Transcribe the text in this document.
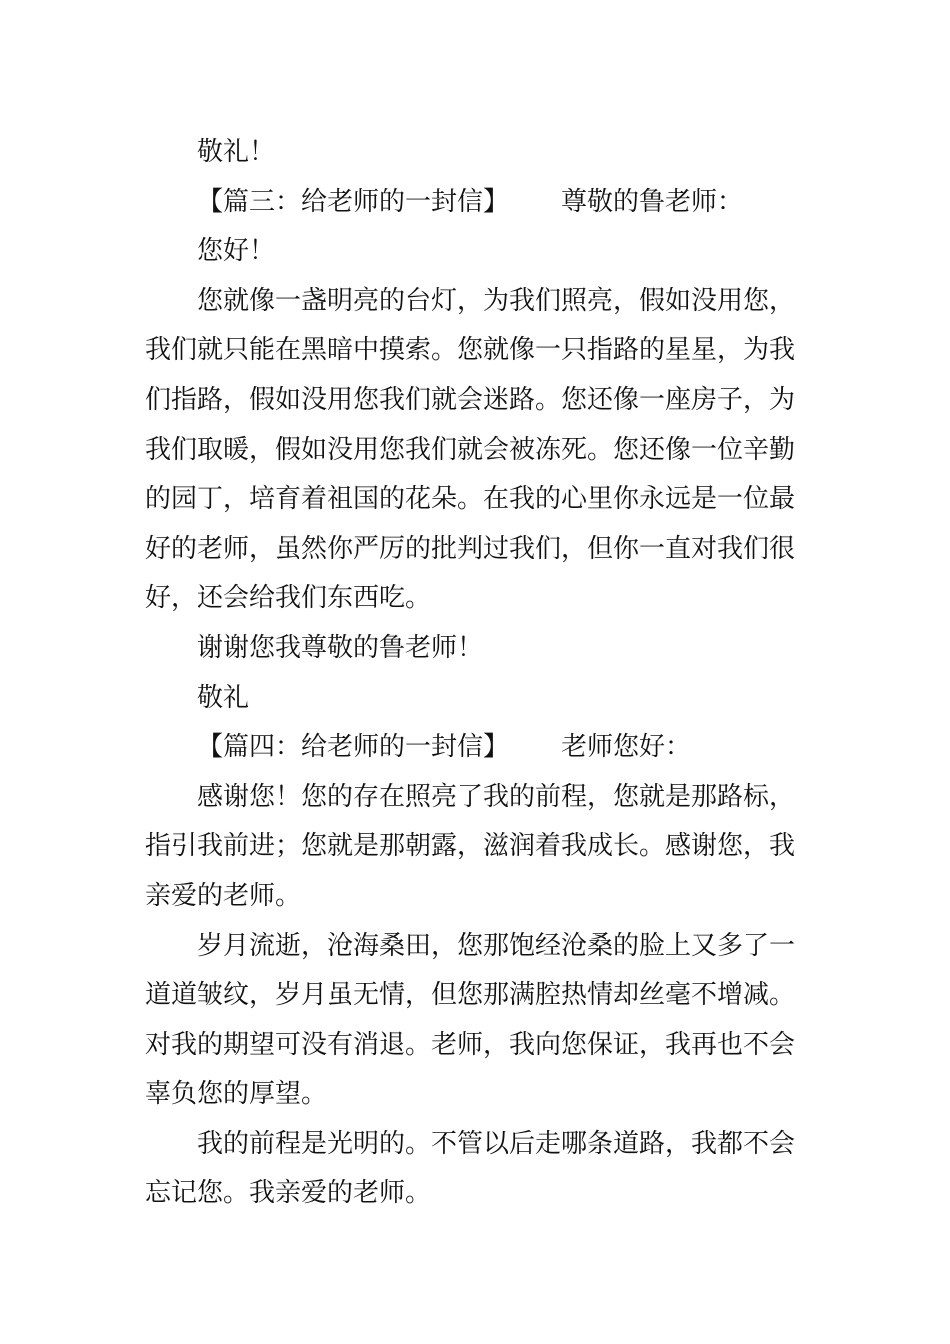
敬礼！
【篇三：给老师的一封信】 尊敬的鲁老师：
您好！
您就像一盏明亮的台灯，为我们照亮，假如没用您，
我们就只能在黑暗中摸索。您就像一只指路的星星，为我
们指路，假如没用您我们就会迷路。您还像一座房子，为
我们取暖，假如没用您我们就会被冻死。您还像一位辛勤
的园丁，培育着祖国的花朵。在我的心里你永远是一位最
好的老师，虽然你严厉的批判过我们，但你一直对我们很
好，还会给我们东西吃。
谢谢您我尊敬的鲁老师！
敬礼
【篇四：给老师的一封信】 老师您好：
感谢您！您的存在照亮了我的前程，您就是那路标，
指引我前进；您就是那朝露，滋润着我成长。感谢您，我
亲爱的老师。
岁月流逝，沧海桑田，您那饱经沧桑的脸上又多了一
道道皱纹，岁月虽无情，但您那满腔热情却丝毫不增减。
对我的期望可没有消退。老师，我向您保证，我再也不会
辜负您的厚望。
我的前程是光明的。不管以后走哪条道路，我都不会
忘记您。我亲爱的老师。
